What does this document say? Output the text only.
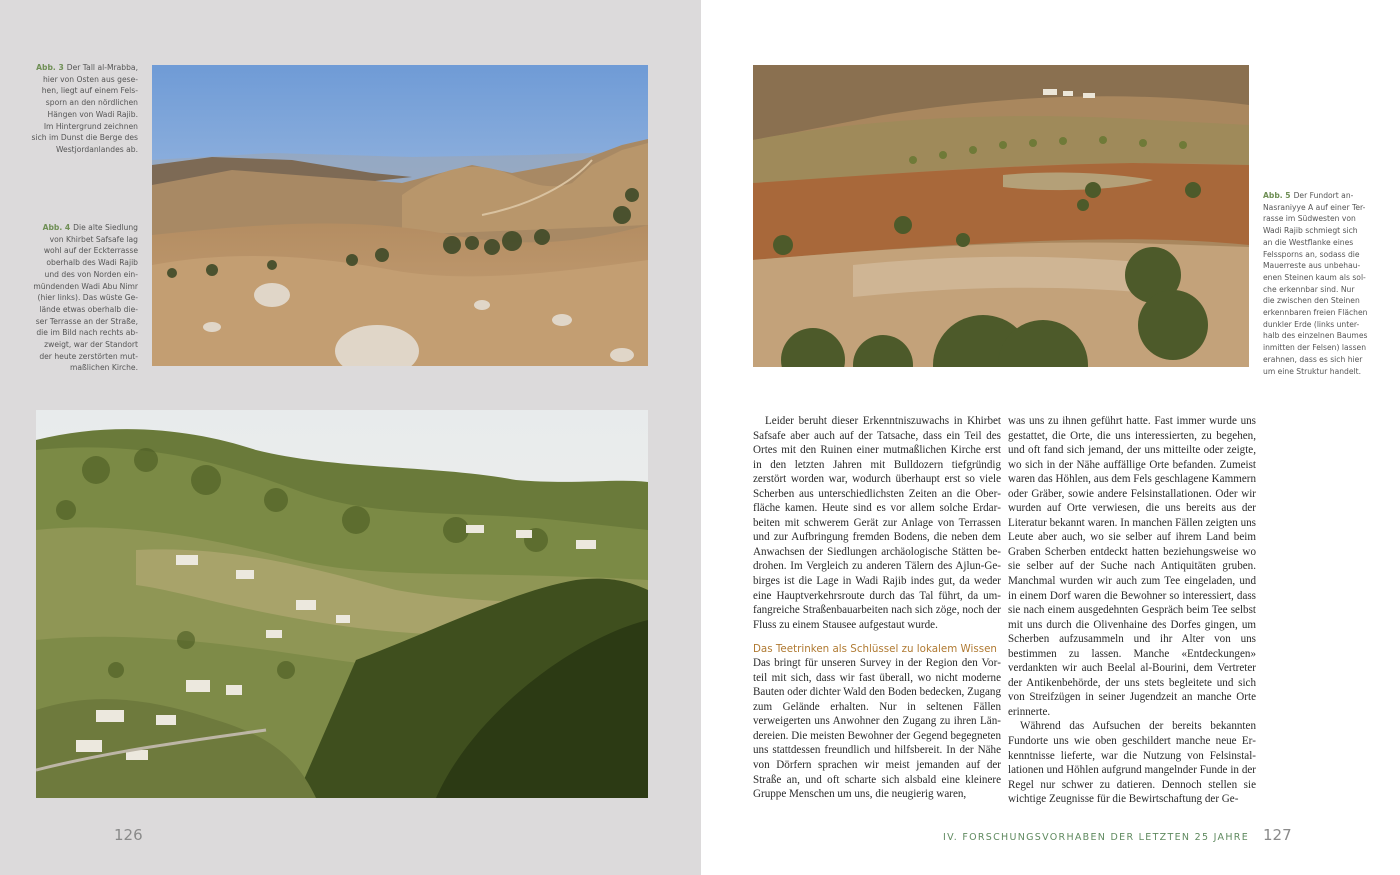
Abb. 3 Der Tall al-Mrabba,
hier von Osten aus gese-
hen, liegt auf einem Fels-
sporn an den nördlichen
Hängen von Wadi Rajib.
Im Hintergrund zeichnen
sich im Dunst die Berge des
Westjordanlandes ab.
Abb. 4 Die alte Siedlung
von Khirbet Safsafe lag
wohl auf der Eckterrasse
oberhalb des Wadi Rajib
und des von Norden ein-
mündenden Wadi Abu Nimr
(hier links). Das wüste Ge-
lände etwas oberhalb die-
ser Terrasse an der Straße,
die im Bild nach rechts ab-
zweigt, war der Standort
der heute zerstörten mut-
maßlichen Kirche.
126
Abb. 5 Der Fundort an-
Nasraniyye A auf einer Ter-
rasse im Südwesten von
Wadi Rajib schmiegt sich
an die Westflanke eines
Felssporns an, sodass die
Mauerreste aus unbehau-
enen Steinen kaum als sol-
che erkennbar sind. Nur
die zwischen den Steinen
erkennbaren freien Flächen
dunkler Erde (links unter-
halb des einzelnen Baumes
inmitten der Felsen) lassen
erahnen, dass es sich hier
um eine Struktur handelt.

Leider beruht dieser Erkenntniszuwachs in Khirbet Safsafe aber auch auf der Tatsache, dass ein Teil des Ortes mit den Ruinen einer mutmaßlichen Kirche erst in den letzten Jahren mit Bulldozern tiefgründig zerstört worden war, wodurch überhaupt erst so viele Scherben aus unterschiedlichsten Zeiten an die Oberfläche kamen. Heute sind es vor allem solche Erdarbeiten mit schwerem Gerät zur Anlage von Terrassen und zur Aufbringung fremden Bodens, die neben dem Anwachsen der Siedlungen archäologische Stätten bedrohen. Im Vergleich zu anderen Tälern des Ajlun-Gebirges ist die Lage in Wadi Rajib indes gut, da weder eine Hauptverkehrsroute durch das Tal führt, da umfangreiche Straßenbauarbeiten nach sich zöge, noch der Fluss zu einem Stausee aufgestaut wurde.

Das Teetrinken als Schlüssel zu lokalem Wissen

Das bringt für unseren Survey in der Region den Vorteil mit sich, dass wir fast überall, wo nicht moderne Bauten oder dichter Wald den Boden bedecken, Zugang zum Gelände erhalten. Nur in seltenen Fällen verweigerten uns Anwohner den Zugang zu ihren Ländereien. Die meisten Bewohner der Gegend begegneten uns stattdessen freundlich und hilfsbereit. In der Nähe von Dörfern sprachen wir meist jemanden auf der Straße an, und oft scharte sich alsbald eine kleinere Gruppe Menschen um uns, die neugierig waren,

was uns zu ihnen geführt hatte. Fast immer wurde uns gestattet, die Orte, die uns interessierten, zu begehen, und oft fand sich jemand, der uns mitteilte oder zeigte, wo sich in der Nähe auffällige Orte befanden. Zumeist waren das Höhlen, aus dem Fels geschlagene Kammern oder Gräber, sowie andere Felsinstallationen. Oder wir wurden auf Orte verwiesen, die uns bereits aus der Literatur bekannt waren. In manchen Fällen zeigten uns Leute aber auch, wo sie selber auf ihrem Land beim Graben Scherben entdeckt hatten beziehungsweise wo sie selber auf der Suche nach Antiquitäten gruben. Manchmal wurden wir auch zum Tee eingeladen, und in einem Dorf waren die Bewohner so interessiert, dass sie nach einem ausgedehnten Gespräch beim Tee selbst mit uns durch die Olivenhaine des Dorfes gingen, um Scherben aufzusammeln und ihr Alter von uns bestimmen zu lassen. Manche «Entdeckungen» verdankten wir auch Beelal al-Bourini, dem Vertreter der Antikenbehörde, der uns stets begleitete und sich von Streifzügen in seiner Jugendzeit an manche Orte erinnerte.

Während das Aufsuchen der bereits bekannten Fundorte uns wie oben geschildert manche neue Erkenntnisse lieferte, war die Nutzung von Felsinstallationen und Höhlen aufgrund mangelnder Funde in der Regel nur schwer zu datieren. Dennoch stellen sie wichtige Zeugnisse für die Bewirtschaftung der Ge-

IV. FORSCHUNGSVORHABEN DER LETZTEN 25 JAHRE 127
